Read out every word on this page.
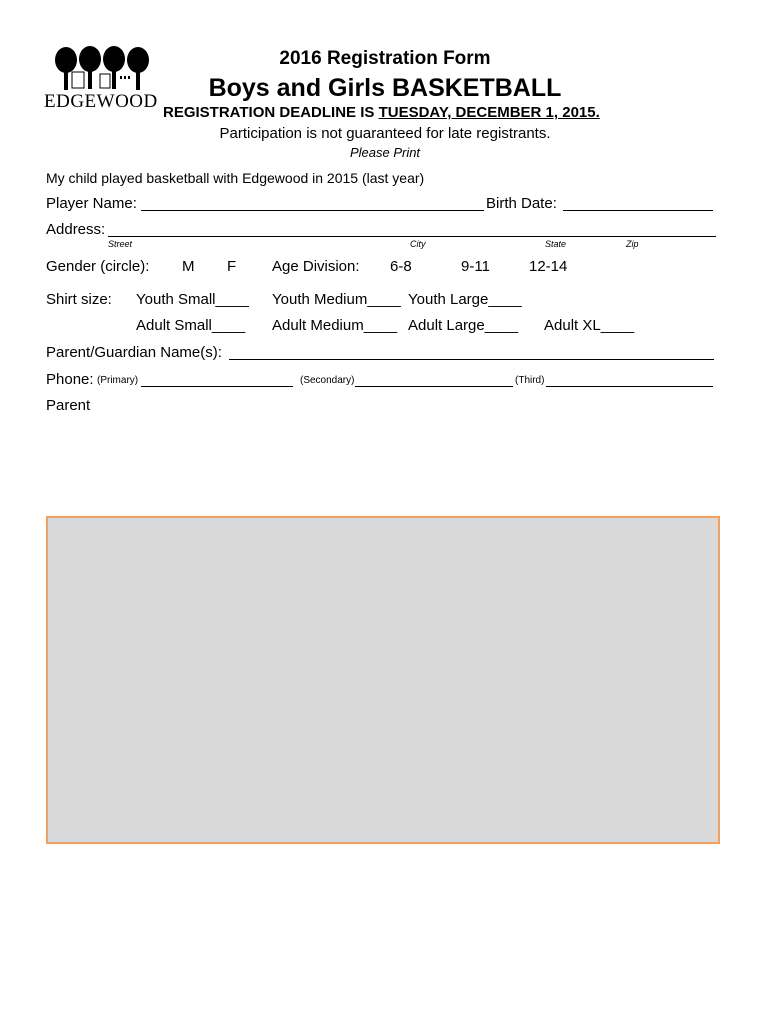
EDGEWOOD
2016 Registration Form
Boys and Girls BASKETBALL
REGISTRATION DEADLINE IS TUESDAY, DECEMBER 1, 2015.
Participation is not guaranteed for late registrants.
Please Print
My child played basketball with Edgewood in 2015 (last year)
Player Name:	Birth Date:
Address:
Street	City	State	Zip
Gender (circle): M F Age Division: 6-8	9-11	12-14
Shirt size: Youth Small____ Youth Medium____ Youth Large____
Adult Small____ Adult Medium____ Adult Large____ Adult XL____
Parent/Guardian Name(s):
Phone: (Primary)	(Secondary)	(Third)
Parent
